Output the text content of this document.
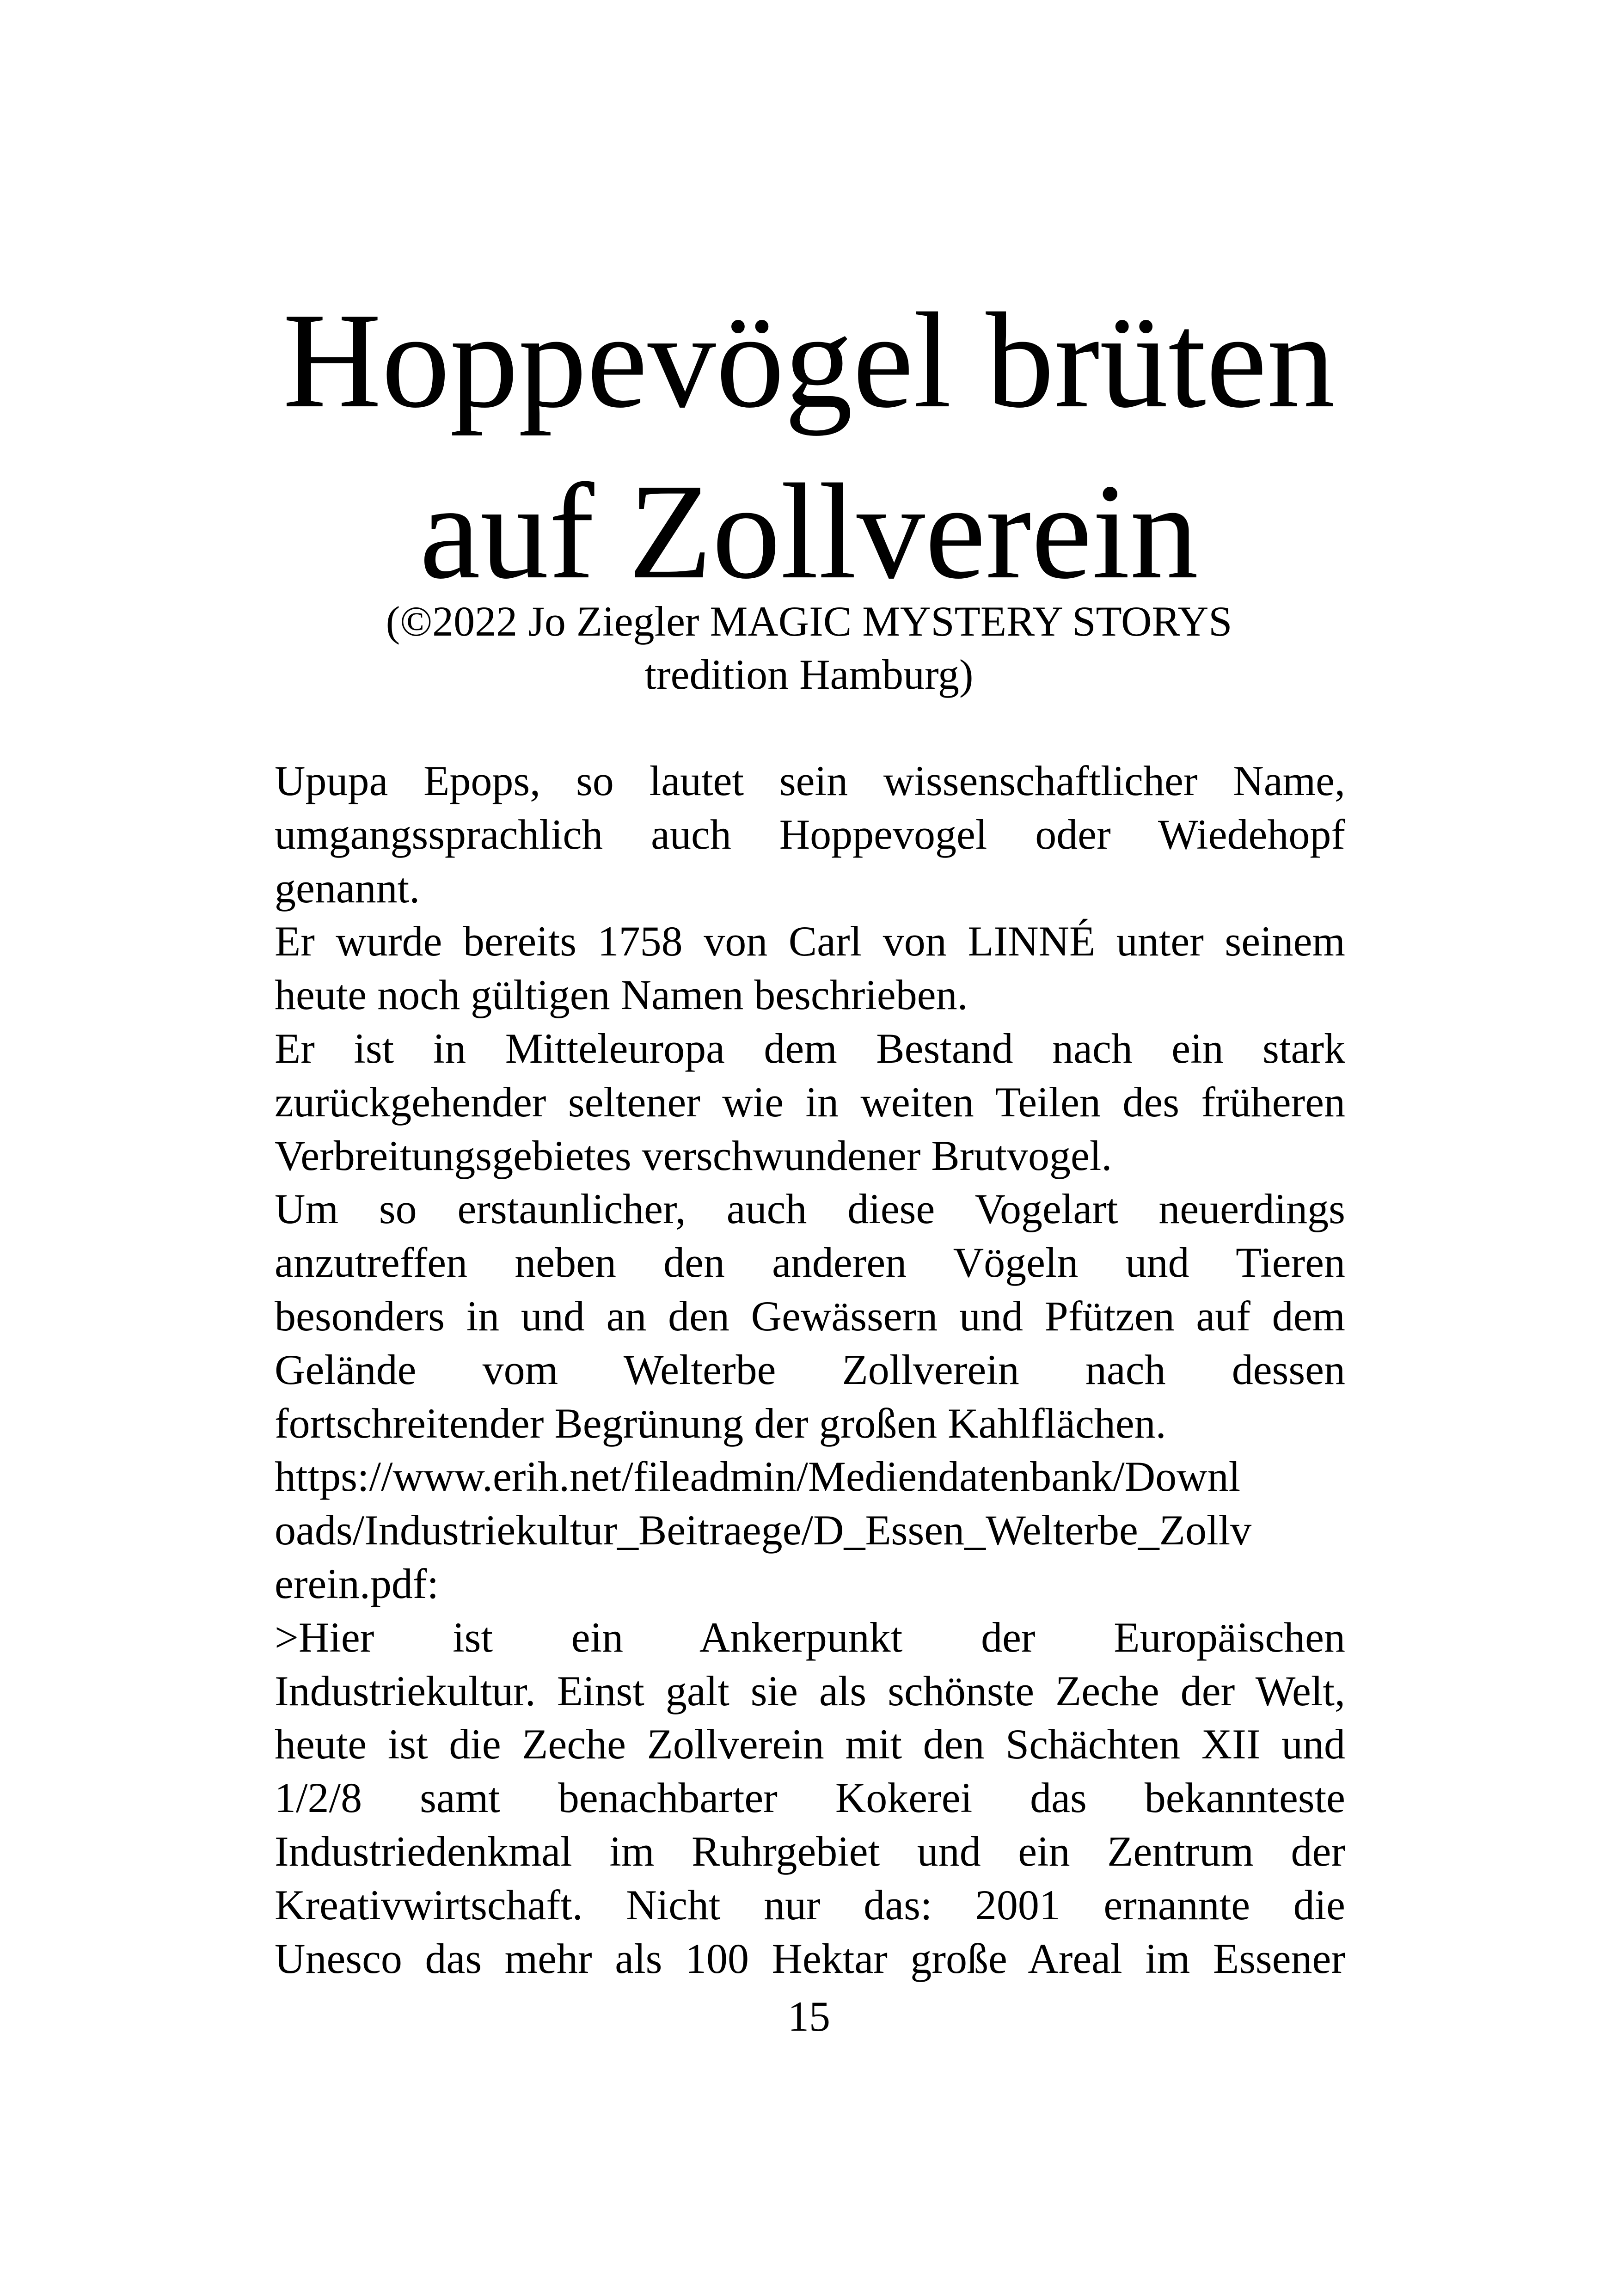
Hoppevögel brüten
auf Zollverein
(©2022 Jo Ziegler MAGIC MYSTERY STORYS
tredition Hamburg)
Upupa Epops, so lautet sein wissenschaftlicher Name,
umgangssprachlich auch Hoppevogel oder Wiedehopf
genannt.
Er wurde bereits 1758 von Carl von LINNÉ unter seinem
heute noch gültigen Namen beschrieben.
Er ist in Mitteleuropa dem Bestand nach ein stark
zurückgehender seltener wie in weiten Teilen des früheren
Verbreitungsgebietes verschwundener Brutvogel.
Um so erstaunlicher, auch diese Vogelart neuerdings
anzutreffen neben den anderen Vögeln und Tieren
besonders in und an den Gewässern und Pfützen auf dem
Gelände vom Welterbe Zollverein nach dessen
fortschreitender Begrünung der großen Kahlflächen.
https://www.erih.net/fileadmin/Mediendatenbank/Downl
oads/Industriekultur_Beitraege/D_Essen_Welterbe_Zollv
erein.pdf:
>Hier ist ein Ankerpunkt der Europäischen
Industriekultur. Einst galt sie als schönste Zeche der Welt,
heute ist die Zeche Zollverein mit den Schächten XII und
1/2/8 samt benachbarter Kokerei das bekannteste
Industriedenkmal im Ruhrgebiet und ein Zentrum der
Kreativwirtschaft. Nicht nur das: 2001 ernannte die
Unesco das mehr als 100 Hektar große Areal im Essener
15
